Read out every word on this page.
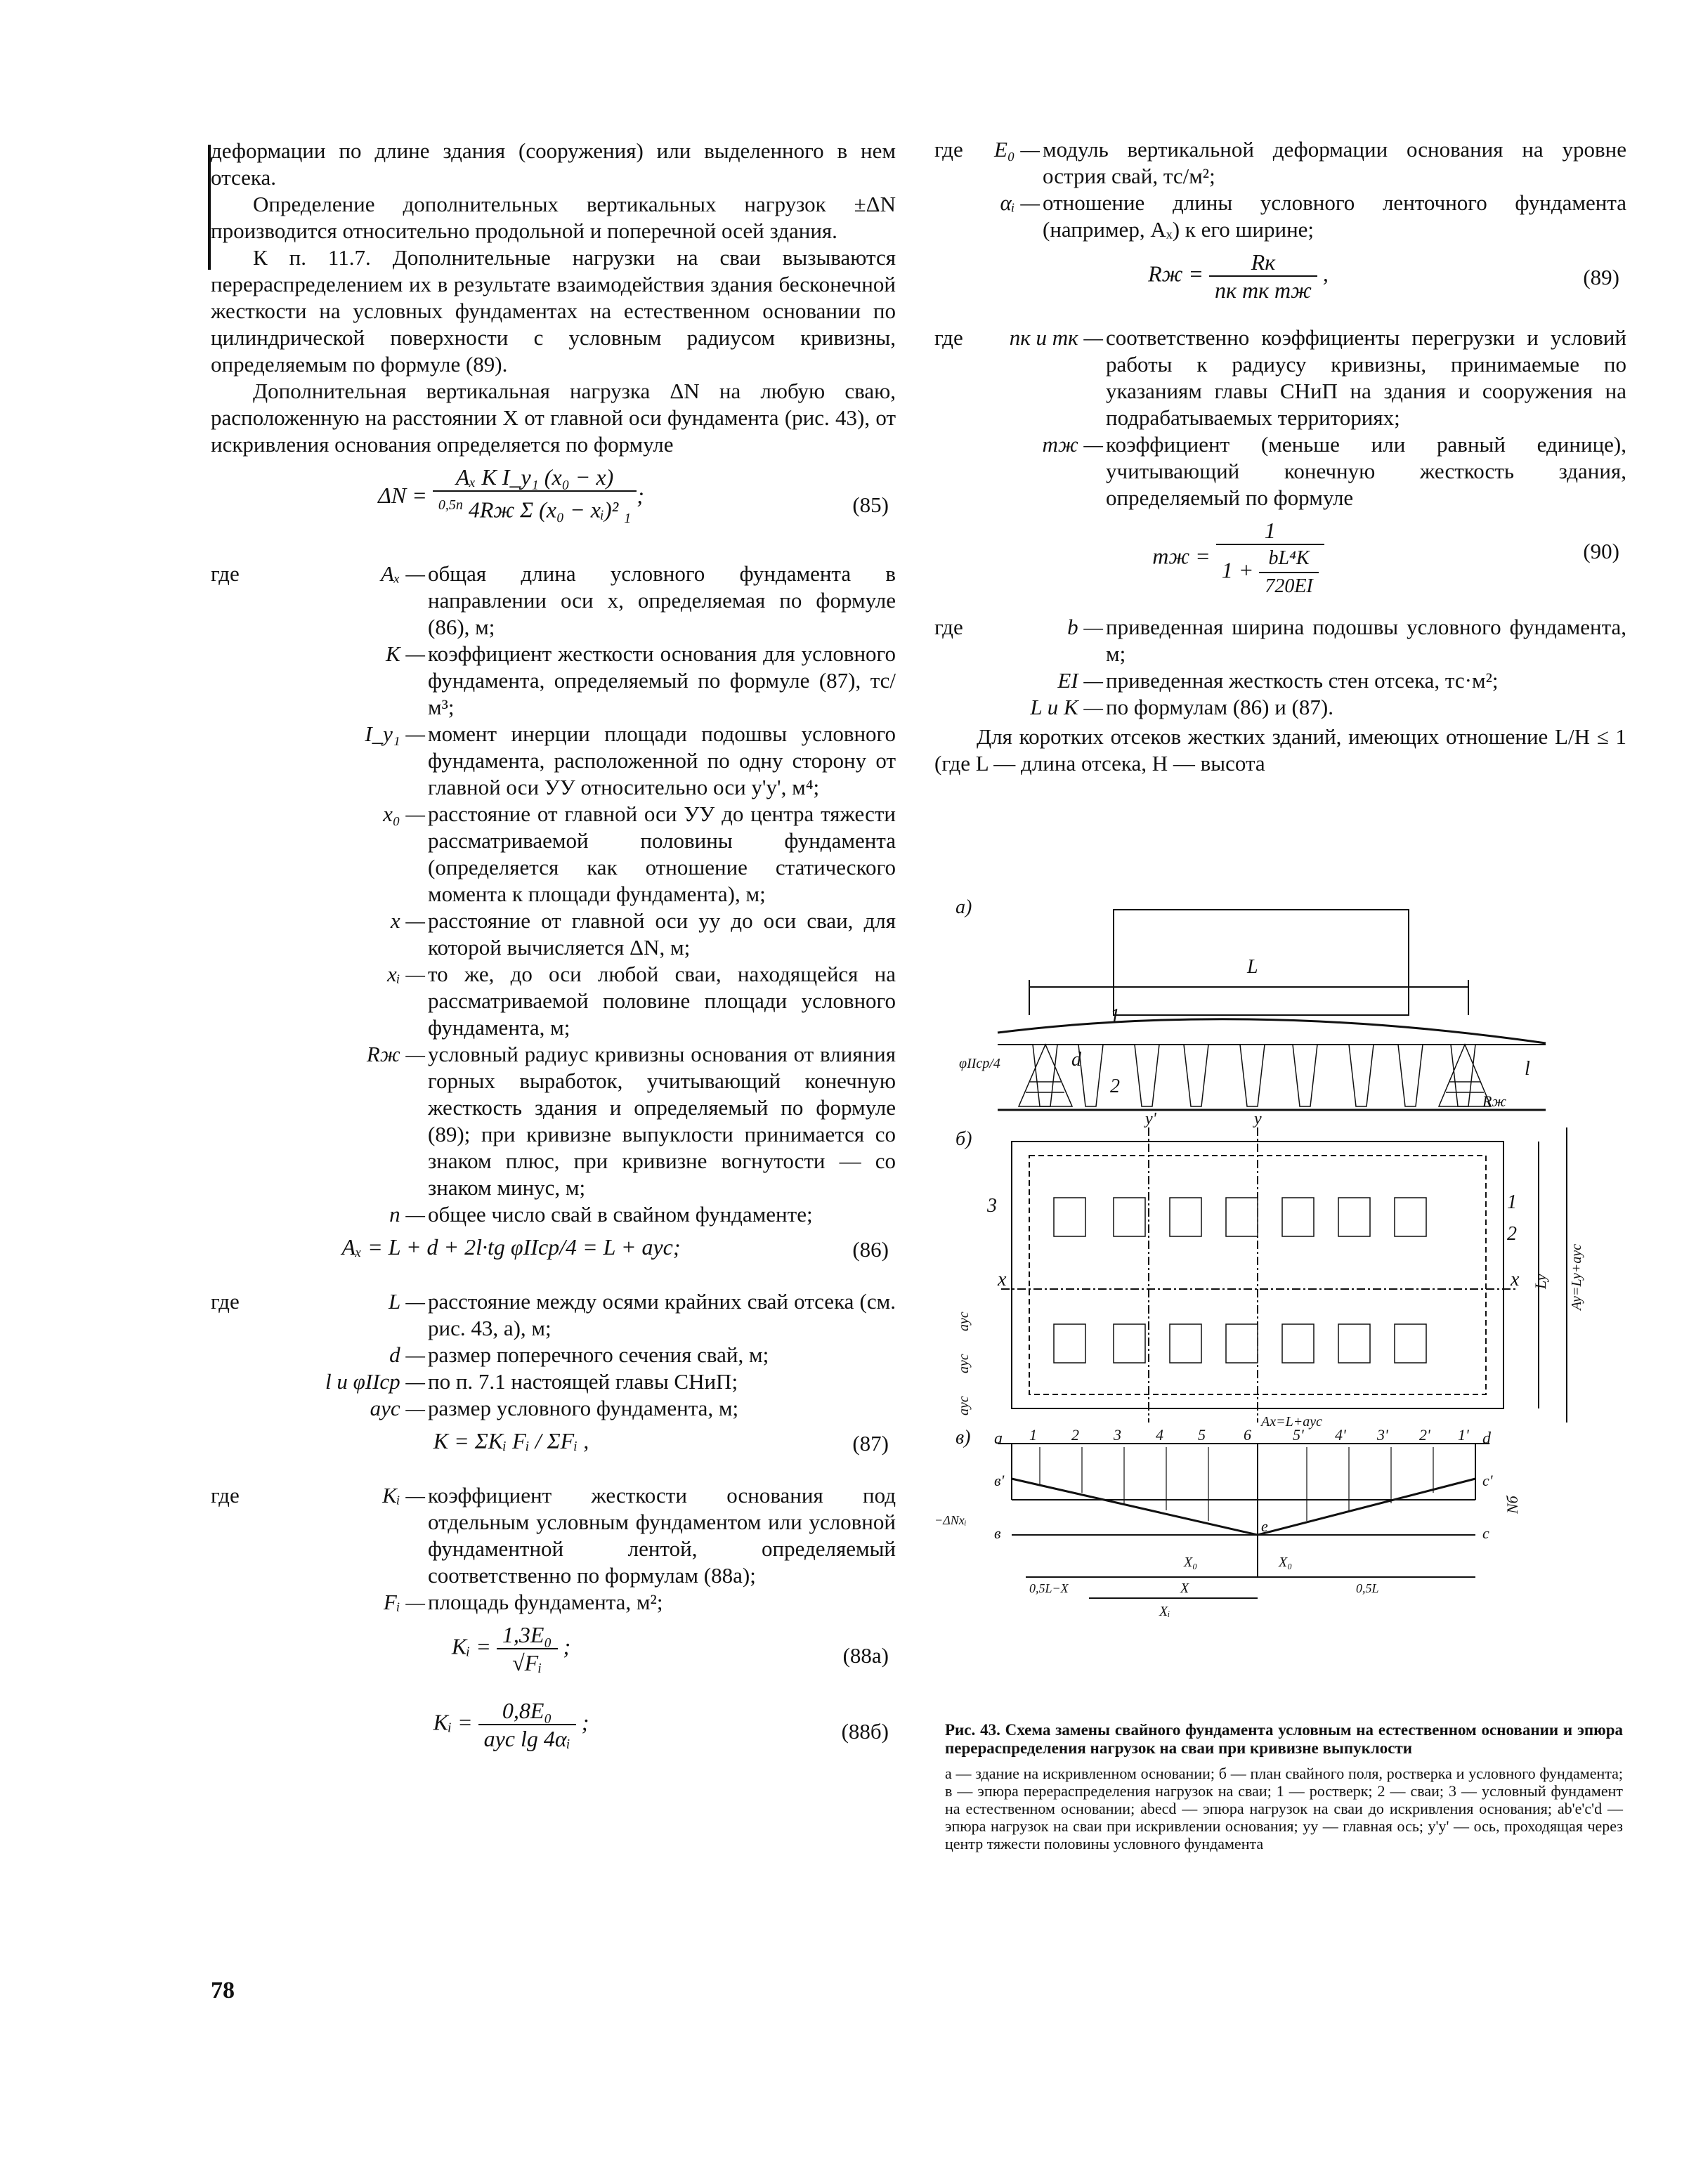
деформации по длине здания (сооружения) или выделенного в нем отсека.

Определение дополнительных вертикальных нагрузок ±ΔN производится относительно продольной и поперечной осей здания.

К п. 11.7. Дополнительные нагрузки на сваи вызываются перераспределением их в результате взаимодействия здания бесконечной жесткости на условных фундаментах на естественном основании по цилиндрической поверхности с условным радиусом кривизны, определяемым по формуле (89).

Дополнительная вертикальная нагрузка ΔN на любую сваю, расположенную на расстоянии X от главной оси фундамента (рис. 43), от искривления основания определяется по формуле

$\Delta N = \frac{\text{Aₓ K I\_y₁ (x₀ − x)}}{^{0,5n} 4Rж \Sigma (x_0 - xᵢ)^2 _1}$ ;	(85)
где	Aₓ —	общая длина условного фундамента в направлении оси x, определяемая по формуле (86), м;
	K —	коэффициент жесткости основания для условного фундамента, определяемый по формуле (87), тс/м³;
	I_y₁ —	момент инерции площади подошвы условного фундамента, расположенной по одну сторону от главной оси УУ относительно оси у'у', м⁴;
	x₀ —	расстояние от главной оси УУ до центра тяжести рассматриваемой половины фундамента (определяется как отношение статического момента к площади фундамента), м;
	x —	расстояние от главной оси уу до оси сваи, для которой вычисляется ΔN, м;
	xᵢ —	то же, до оси любой сваи, находящейся на рассматриваемой половине площади условного фундамента, м;
	Rж —	условный радиус кривизны основания от влияния горных выработок, учитывающий конечную жесткость здания и определяемый по формуле (89); при кривизне выпуклости принимается со знаком плюс, при кривизне вогнутости — со знаком минус, м;
	n —	общее число свай в свайном фундаменте;
Aₓ = L + d + 2l·tg φIIср/4 = L + aус;	(86)
где	L —	расстояние между осями крайних свай отсека (см. рис. 43, а), м;
	d —	размер поперечного сечения свай, м;
	l и φIIср —	по п. 7.1 настоящей главы СНиП;
	aус —	размер условного фундамента, м;
K = ΣKᵢ Fᵢ / ΣFᵢ ,	(87)
где	Kᵢ —	коэффициент жесткости основания под отдельным условным фундаментом или условной фундаментной лентой, определяемый соответственно по формулам (88а);
	Fᵢ —	площадь фундамента, м²;
Kᵢ = $\frac{\text{1,3E₀}}{\text{√Fᵢ}}$ ;	(88а)
Kᵢ = $\frac{\text{0,8E₀}}{\text{aус lg 4αᵢ}}$ ;	(88б)
где	E₀ —	модуль вертикальной деформации основания на уровне острия свай, тс/м²;
	αᵢ —	отношение длины условного ленточного фундамента (например, Aₓ) к его ширине;
Rж = $\frac{Rк}{\text{nк mк mж}}$ ,	(89)
где	nк и mк —	соответственно коэффициенты перегрузки и условий работы к радиусу кривизны, принимаемые по указаниям главы СНиП на здания и сооружения на подрабатываемых территориях;
	mж —	коэффициент (меньше или равный единице), учитывающий конечную жесткость здания, определяемый по формуле
mж = $\frac{1}{1 + \frac{\text{bL⁴K}}{720EI}}$	(90)
где	b —	приведенная ширина подошвы условного фундамента, м;
	EI —	приведенная жесткость стен отсека, тс·м²;
	L и K —	по формулам (86) и (87).

Для коротких отсеков жестких зданий, имеющих отношение L/H ≤ 1 (где L — длина отсека, H — высота

а)
б)
в)
L
1
2
d	l
φIIср/4
Rж
y'	y
3	1
2
x	x
aус
aус
aус
Ly Ay=Ly+aус
Ax=L+aус
a	d
в'
в
c'
c
e
Nб
−ΔNxᵢ
X₀	X₀
X
Xᵢ
0,5L−X	0,5L
1 2 3 4 5 6	5' 4' 3' 2' 1'
Рис. 43. Схема замены свайного фундамента условным на естественном основании и эпюра перераспределения нагрузок на сваи при кривизне выпуклости
а — здание на искривленном основании; б — план свайного поля, ростверка и условного фундамента; в — эпюра перераспределения нагрузок на сваи; 1 — ростверк; 2 — сваи; 3 — условный фундамент на естественном основании; abecd — эпюра нагрузок на сваи до искривления основания; ab'e'c'd — эпюра нагрузок на сваи при искривлении основания; уу — главная ось; у'у' — ось, проходящая через центр тяжести половины условного фундамента
78
